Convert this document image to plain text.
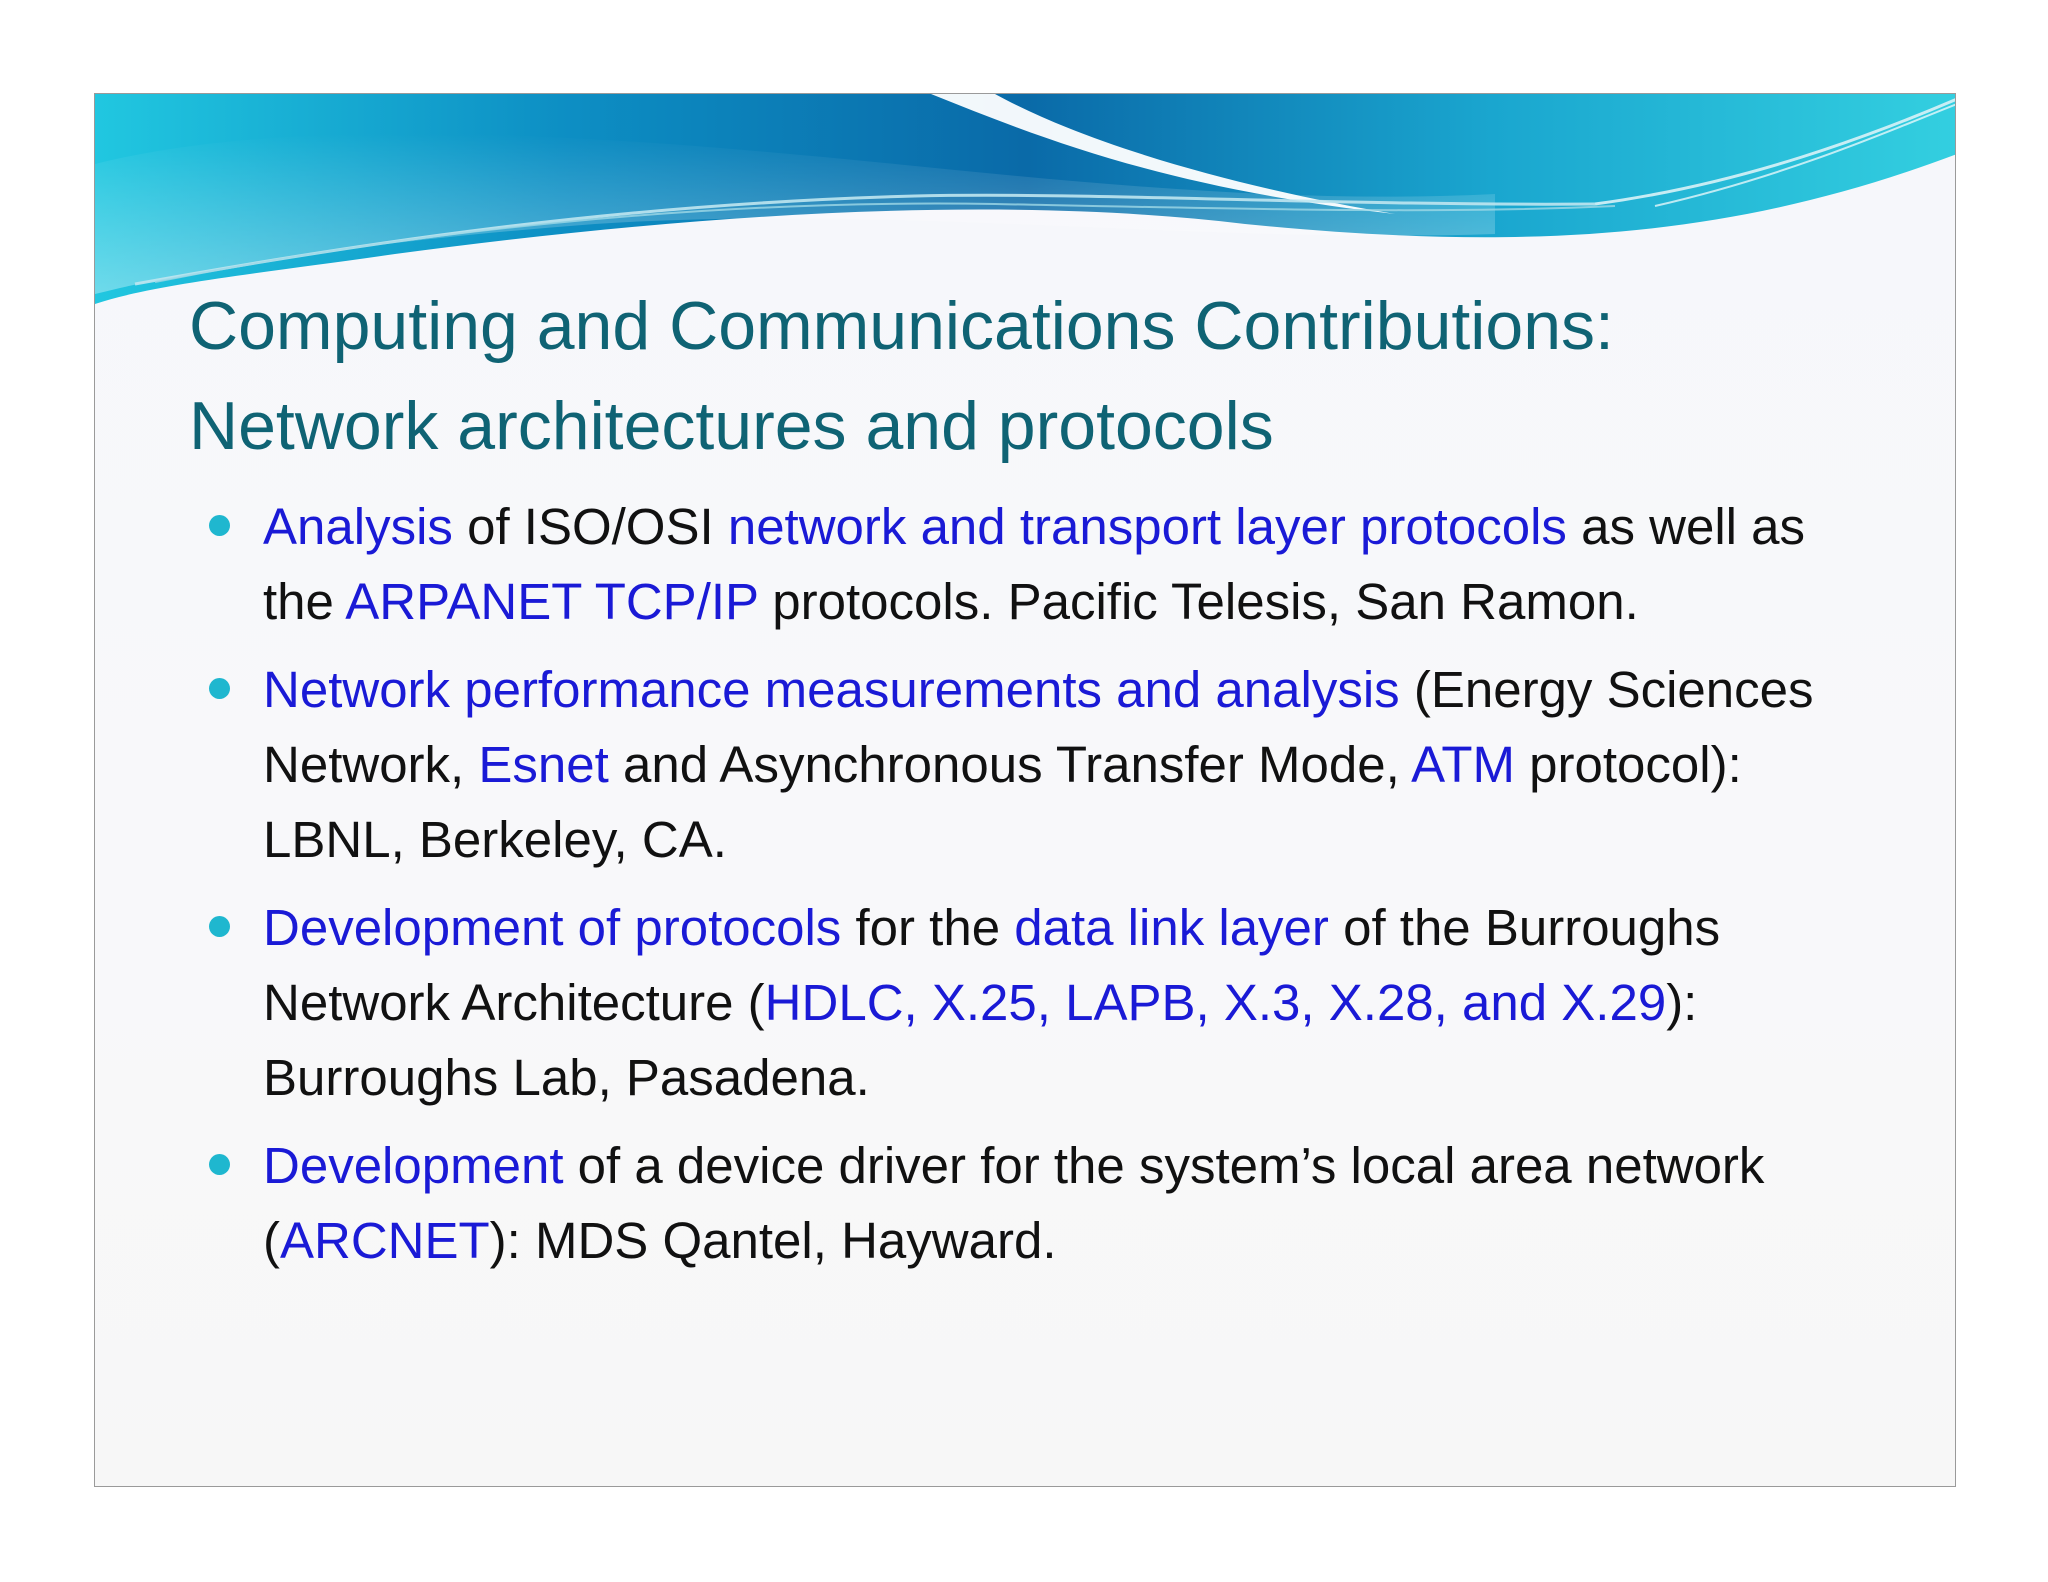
Computing and Communications Contributions:
Network architectures and protocols
Analysis of ISO/OSI network and transport layer protocols as well as the ARPANET TCP/IP protocols. Pacific Telesis, San Ramon.
Network performance measurements and analysis (Energy Sciences Network, Esnet and Asynchronous Transfer Mode, ATM protocol): LBNL, Berkeley, CA.
Development of protocols for the data link layer of the Burroughs Network Architecture (HDLC, X.25, LAPB, X.3, X.28, and X.29): Burroughs Lab, Pasadena.
Development of a device driver for the system’s local area network (ARCNET): MDS Qantel, Hayward.
